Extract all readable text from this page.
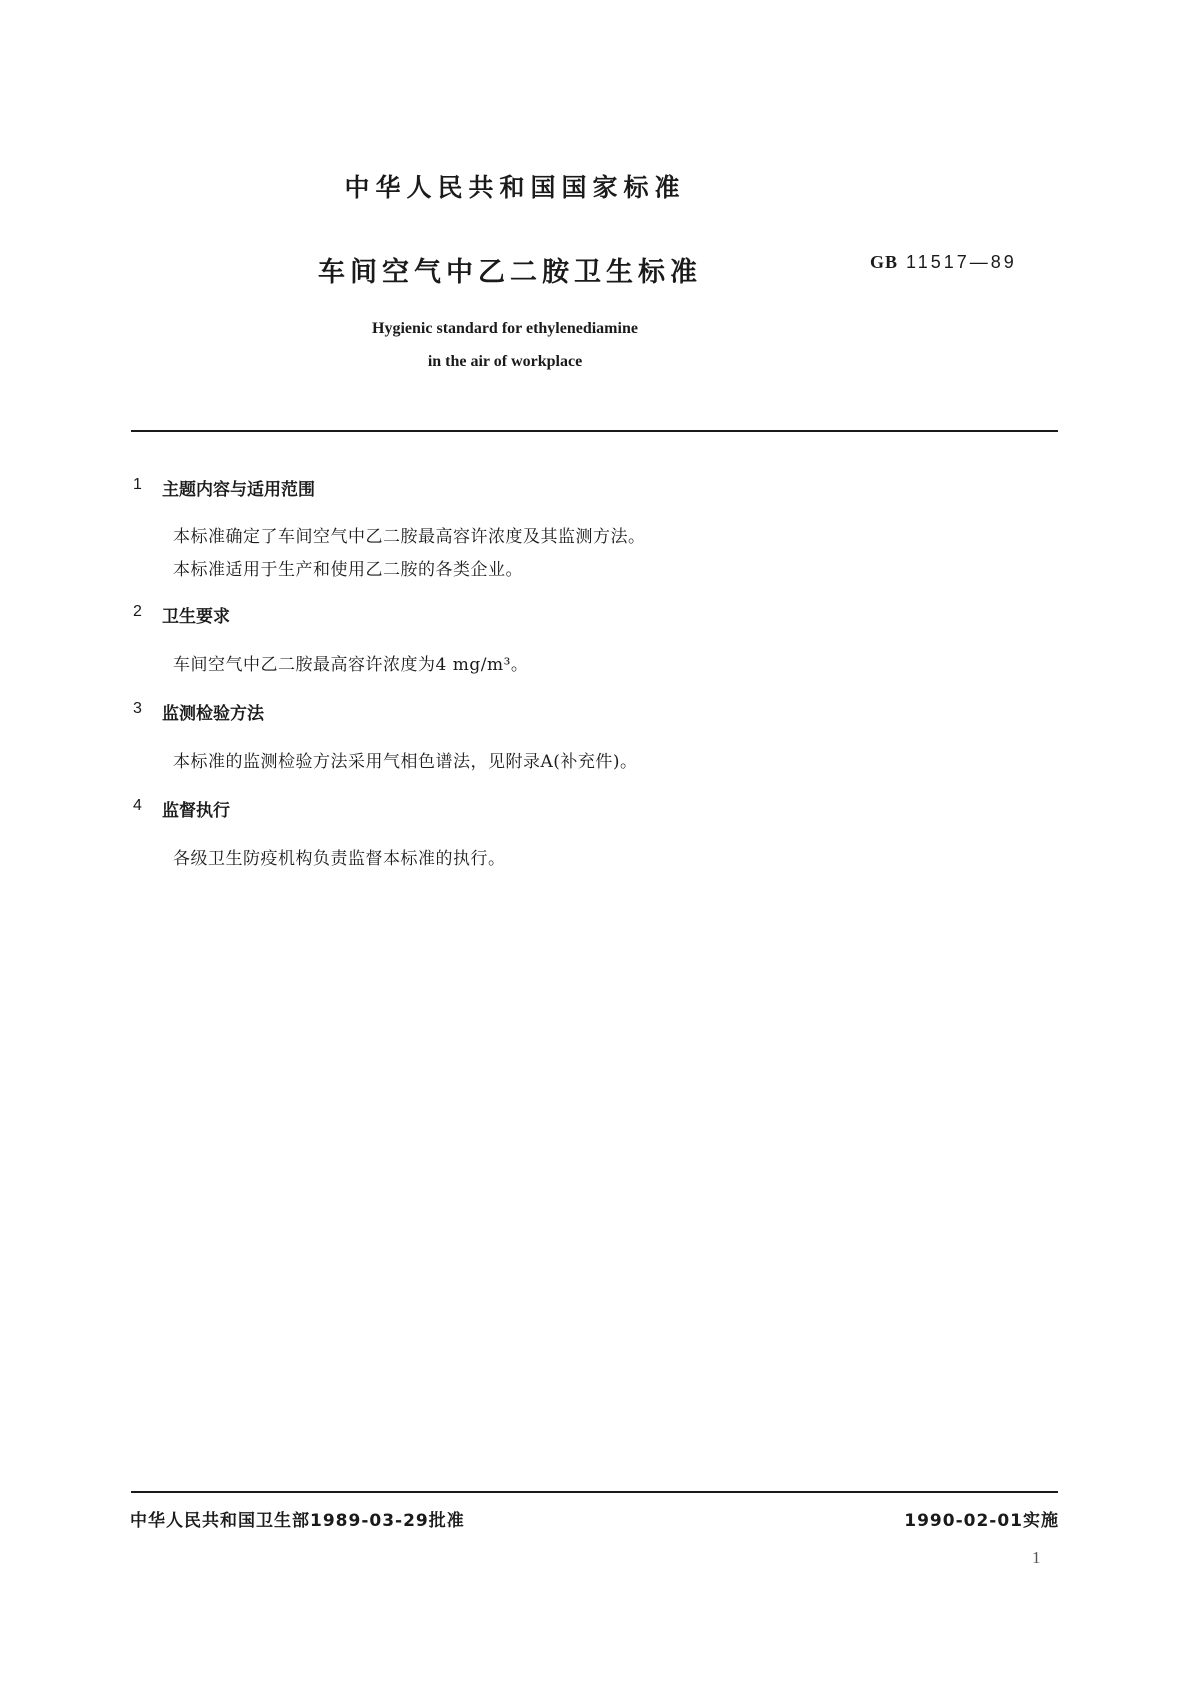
中华人民共和国国家标准
车间空气中乙二胺卫生标准	GB 11517—89
Hygienic standard for ethylenediamine
in the air of workplace
1 主题内容与适用范围
本标准确定了车间空气中乙二胺最高容许浓度及其监测方法。
本标准适用于生产和使用乙二胺的各类企业。
2 卫生要求
车间空气中乙二胺最高容许浓度为4 mg/m³。
3 监测检验方法
本标准的监测检验方法采用气相色谱法，见附录A(补充件)。
4 监督执行
各级卫生防疫机构负责监督本标准的执行。
中华人民共和国卫生部1989-03-29批准	1990-02-01实施
1
